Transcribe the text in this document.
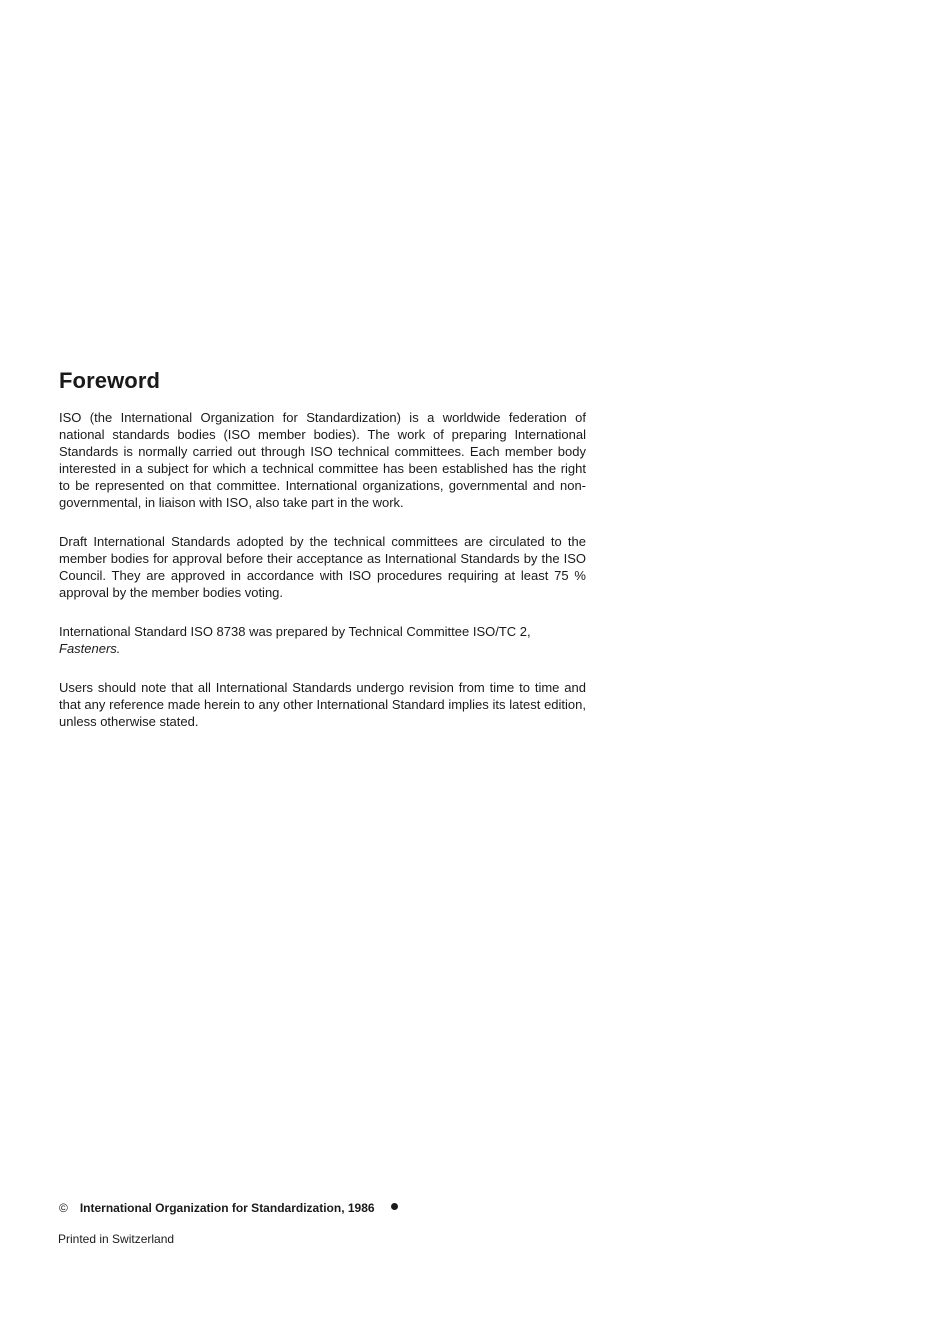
Foreword

ISO (the International Organization for Standardization) is a worldwide federation of national standards bodies (ISO member bodies). The work of preparing International Standards is normally carried out through ISO technical committees. Each member body interested in a subject for which a technical committee has been established has the right to be represented on that committee. International organizations, governmental and non-governmental, in liaison with ISO, also take part in the work.

Draft International Standards adopted by the technical committees are circulated to the member bodies for approval before their acceptance as International Standards by the ISO Council. They are approved in accordance with ISO procedures requiring at least 75 % approval by the member bodies voting.

International Standard ISO 8738 was prepared by Technical Committee ISO/TC 2,
Fasteners.

Users should note that all International Standards undergo revision from time to time and that any reference made herein to any other International Standard implies its latest edition, unless otherwise stated.

© International Organization for Standardization, 1986
Printed in Switzerland
